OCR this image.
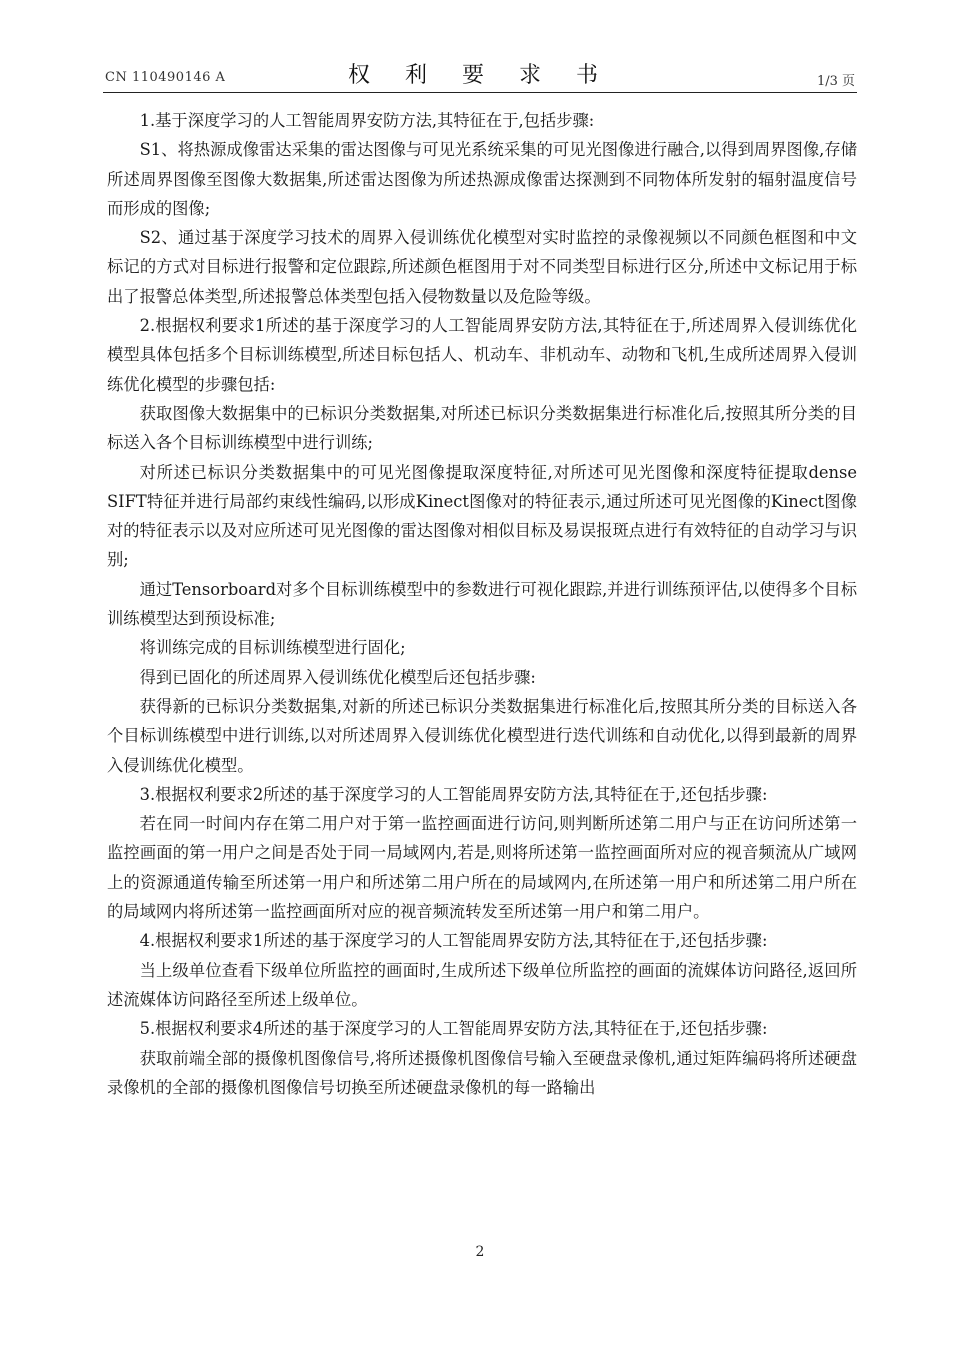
CN 110490146 A	权 利 要 求 书	1/3 页

1.基于深度学习的人工智能周界安防方法,其特征在于,包括步骤:

S1、将热源成像雷达采集的雷达图像与可见光系统采集的可见光图像进行融合,以得到周界图像,存储所述周界图像至图像大数据集,所述雷达图像为所述热源成像雷达探测到不同物体所发射的辐射温度信号而形成的图像;

S2、通过基于深度学习技术的周界入侵训练优化模型对实时监控的录像视频以不同颜色框图和中文标记的方式对目标进行报警和定位跟踪,所述颜色框图用于对不同类型目标进行区分,所述中文标记用于标出了报警总体类型,所述报警总体类型包括入侵物数量以及危险等级。

2.根据权利要求1所述的基于深度学习的人工智能周界安防方法,其特征在于,所述周界入侵训练优化模型具体包括多个目标训练模型,所述目标包括人、机动车、非机动车、动物和飞机,生成所述周界入侵训练优化模型的步骤包括:

获取图像大数据集中的已标识分类数据集,对所述已标识分类数据集进行标准化后,按照其所分类的目标送入各个目标训练模型中进行训练;

对所述已标识分类数据集中的可见光图像提取深度特征,对所述可见光图像和深度特征提取dense SIFT特征并进行局部约束线性编码,以形成Kinect图像对的特征表示,通过所述可见光图像的Kinect图像对的特征表示以及对应所述可见光图像的雷达图像对相似目标及易误报斑点进行有效特征的自动学习与识别;

通过Tensorboard对多个目标训练模型中的参数进行可视化跟踪,并进行训练预评估,以使得多个目标训练模型达到预设标准;

将训练完成的目标训练模型进行固化;

得到已固化的所述周界入侵训练优化模型后还包括步骤:

获得新的已标识分类数据集,对新的所述已标识分类数据集进行标准化后,按照其所分类的目标送入各个目标训练模型中进行训练,以对所述周界入侵训练优化模型进行迭代训练和自动优化,以得到最新的周界入侵训练优化模型。

3.根据权利要求2所述的基于深度学习的人工智能周界安防方法,其特征在于,还包括步骤:

若在同一时间内存在第二用户对于第一监控画面进行访问,则判断所述第二用户与正在访问所述第一监控画面的第一用户之间是否处于同一局域网内,若是,则将所述第一监控画面所对应的视音频流从广域网上的资源通道传输至所述第一用户和所述第二用户所在的局域网内,在所述第一用户和所述第二用户所在的局域网内将所述第一监控画面所对应的视音频流转发至所述第一用户和第二用户。

4.根据权利要求1所述的基于深度学习的人工智能周界安防方法,其特征在于,还包括步骤:

当上级单位查看下级单位所监控的画面时,生成所述下级单位所监控的画面的流媒体访问路径,返回所述流媒体访问路径至所述上级单位。

5.根据权利要求4所述的基于深度学习的人工智能周界安防方法,其特征在于,还包括步骤:

获取前端全部的摄像机图像信号,将所述摄像机图像信号输入至硬盘录像机,通过矩阵编码将所述硬盘录像机的全部的摄像机图像信号切换至所述硬盘录像机的每一路输出

2
